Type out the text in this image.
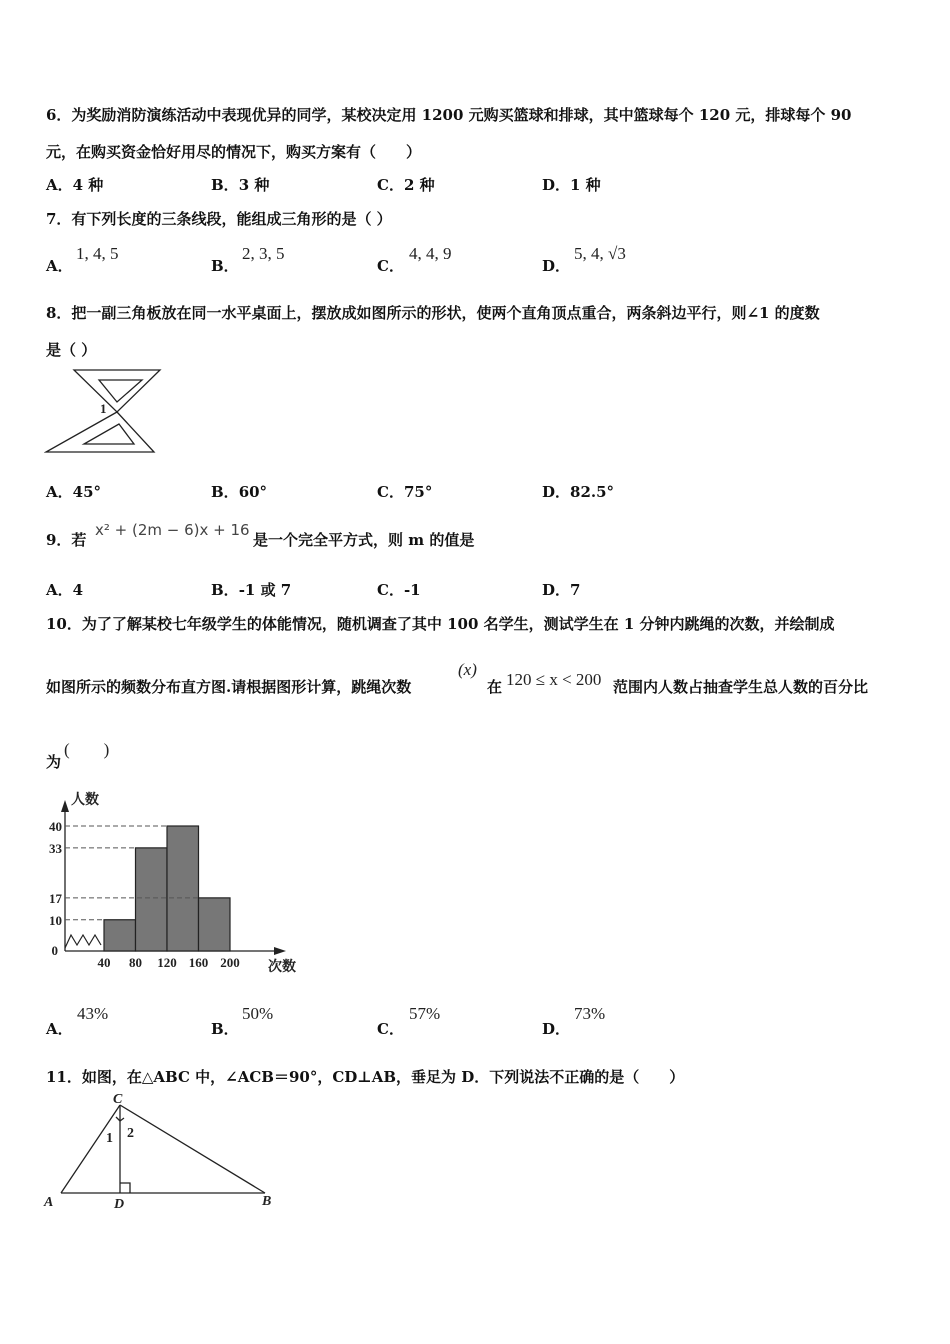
6．为奖励消防演练活动中表现优异的同学，某校决定用 1200 元购买篮球和排球，其中篮球每个 120 元，排球每个 90
元，在购买资金恰好用尽的情况下，购买方案有（　　）
A．4 种	B．3 种	C．2 种	D．1 种
7．有下列长度的三条线段，能组成三角形的是（ ）
A．
1, 4, 5
B．
2, 3, 5
C．
4, 4, 9
D．
5, 4, √3
8．把一副三角板放在同一水平桌面上，摆放成如图所示的形状，使两个直角顶点重合，两条斜边平行，则∠1 的度数
是（ ）
1
A．45°	B．60°	C．75°	D．82.5°
9．若
x² + (2m − 6)x + 16
是一个完全平方式，则 m 的值是
A．4	B．-1 或 7	C．-1	D．7
10．为了了解某校七年级学生的体能情况，随机调查了其中 100 名学生，测试学生在 1 分钟内跳绳的次数，并绘制成
如图所示的频数分布直方图.请根据图形计算，跳绳次数
(x)
在 120 ≤ x < 200 范围内人数占抽查学生总人数的百分比
为
(　　)
0
10
17
33
40
40 80 120 160 200
人数
次数
A．
43%
B．
50%
C．
57%
D．
73%
11．如图，在△ABC 中，∠ACB＝90°，CD⊥AB，垂足为 D．下列说法不正确的是（　　）
C
A	B
D
1 2
